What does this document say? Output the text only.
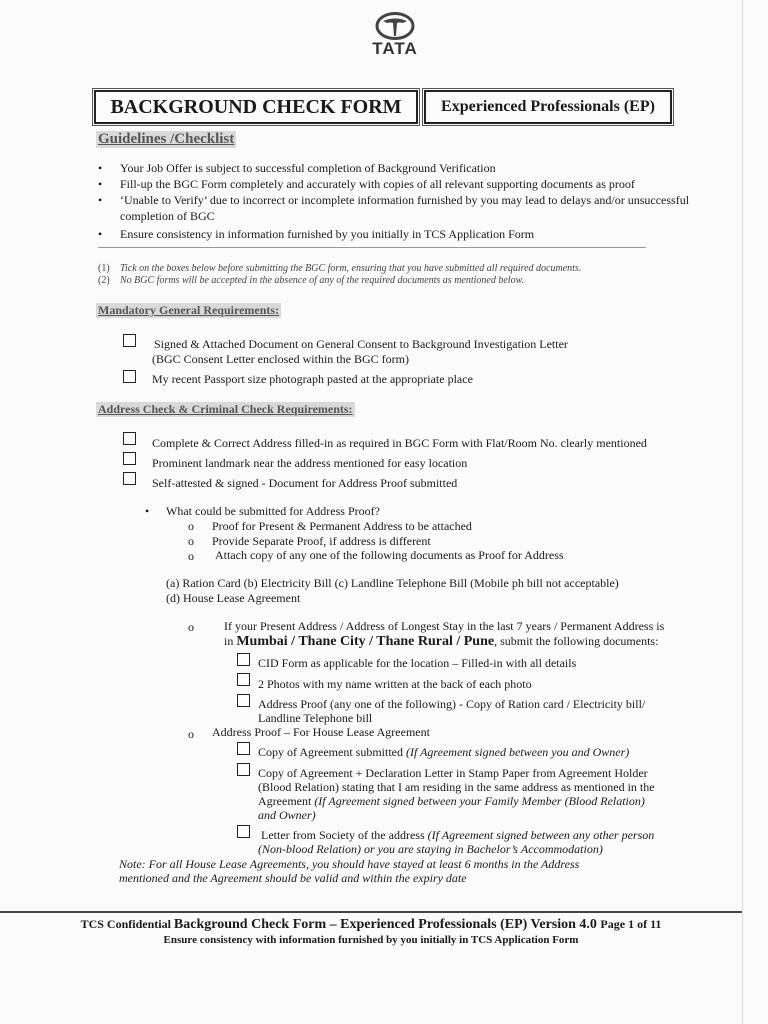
TATA
BACKGROUND CHECK FORM	Experienced Professionals (EP)
Guidelines /Checklist
• Your Job Offer is subject to successful completion of Background Verification
• Fill-up the BGC Form completely and accurately with copies of all relevant supporting documents as proof
• ‘Unable to Verify’ due to incorrect or incomplete information furnished by you may lead to delays and/or unsuccessful completion of BGC
• Ensure consistency in information furnished by you initially in TCS Application Form
(1) Tick on the boxes below before submitting the BGC form, ensuring that you have submitted all required documents.
(2) No BGC forms will be accepted in the absence of any of the required documents as mentioned below.
Mandatory General Requirements:
Signed & Attached Document on General Consent to Background Investigation Letter
(BGC Consent Letter enclosed within the BGC form)
My recent Passport size photograph pasted at the appropriate place
Address Check & Criminal Check Requirements:
Complete & Correct Address filled-in as required in BGC Form with Flat/Room No. clearly mentioned
Prominent landmark near the address mentioned for easy location
Self-attested & signed - Document for Address Proof submitted
• What could be submitted for Address Proof?
o Proof for Present & Permanent Address to be attached
o Provide Separate Proof, if address is different
o Attach copy of any one of the following documents as Proof for Address
(a) Ration Card (b) Electricity Bill (c) Landline Telephone Bill (Mobile ph bill not acceptable)
(d) House Lease Agreement
o	If your Present Address / Address of Longest Stay in the last 7 years / Permanent Address is
in Mumbai / Thane City / Thane Rural / Pune, submit the following documents:
CID Form as applicable for the location – Filled-in with all details
2 Photos with my name written at the back of each photo
Address Proof (any one of the following) - Copy of Ration card / Electricity bill/
Landline Telephone bill
o Address Proof – For House Lease Agreement
Copy of Agreement submitted (If Agreement signed between you and Owner)
Copy of Agreement + Declaration Letter in Stamp Paper from Agreement Holder
(Blood Relation) stating that I am residing in the same address as mentioned in the
Agreement (If Agreement signed between your Family Member (Blood Relation)
and Owner)
Letter from Society of the address (If Agreement signed between any other person
(Non-blood Relation) or you are staying in Bachelor’s Accommodation)
Note: For all House Lease Agreements, you should have stayed at least 6 months in the Address
mentioned and the Agreement should be valid and within the expiry date
TCS Confidential Background Check Form – Experienced Professionals (EP) Version 4.0 Page 1 of 11
Ensure consistency with information furnished by you initially in TCS Application Form
